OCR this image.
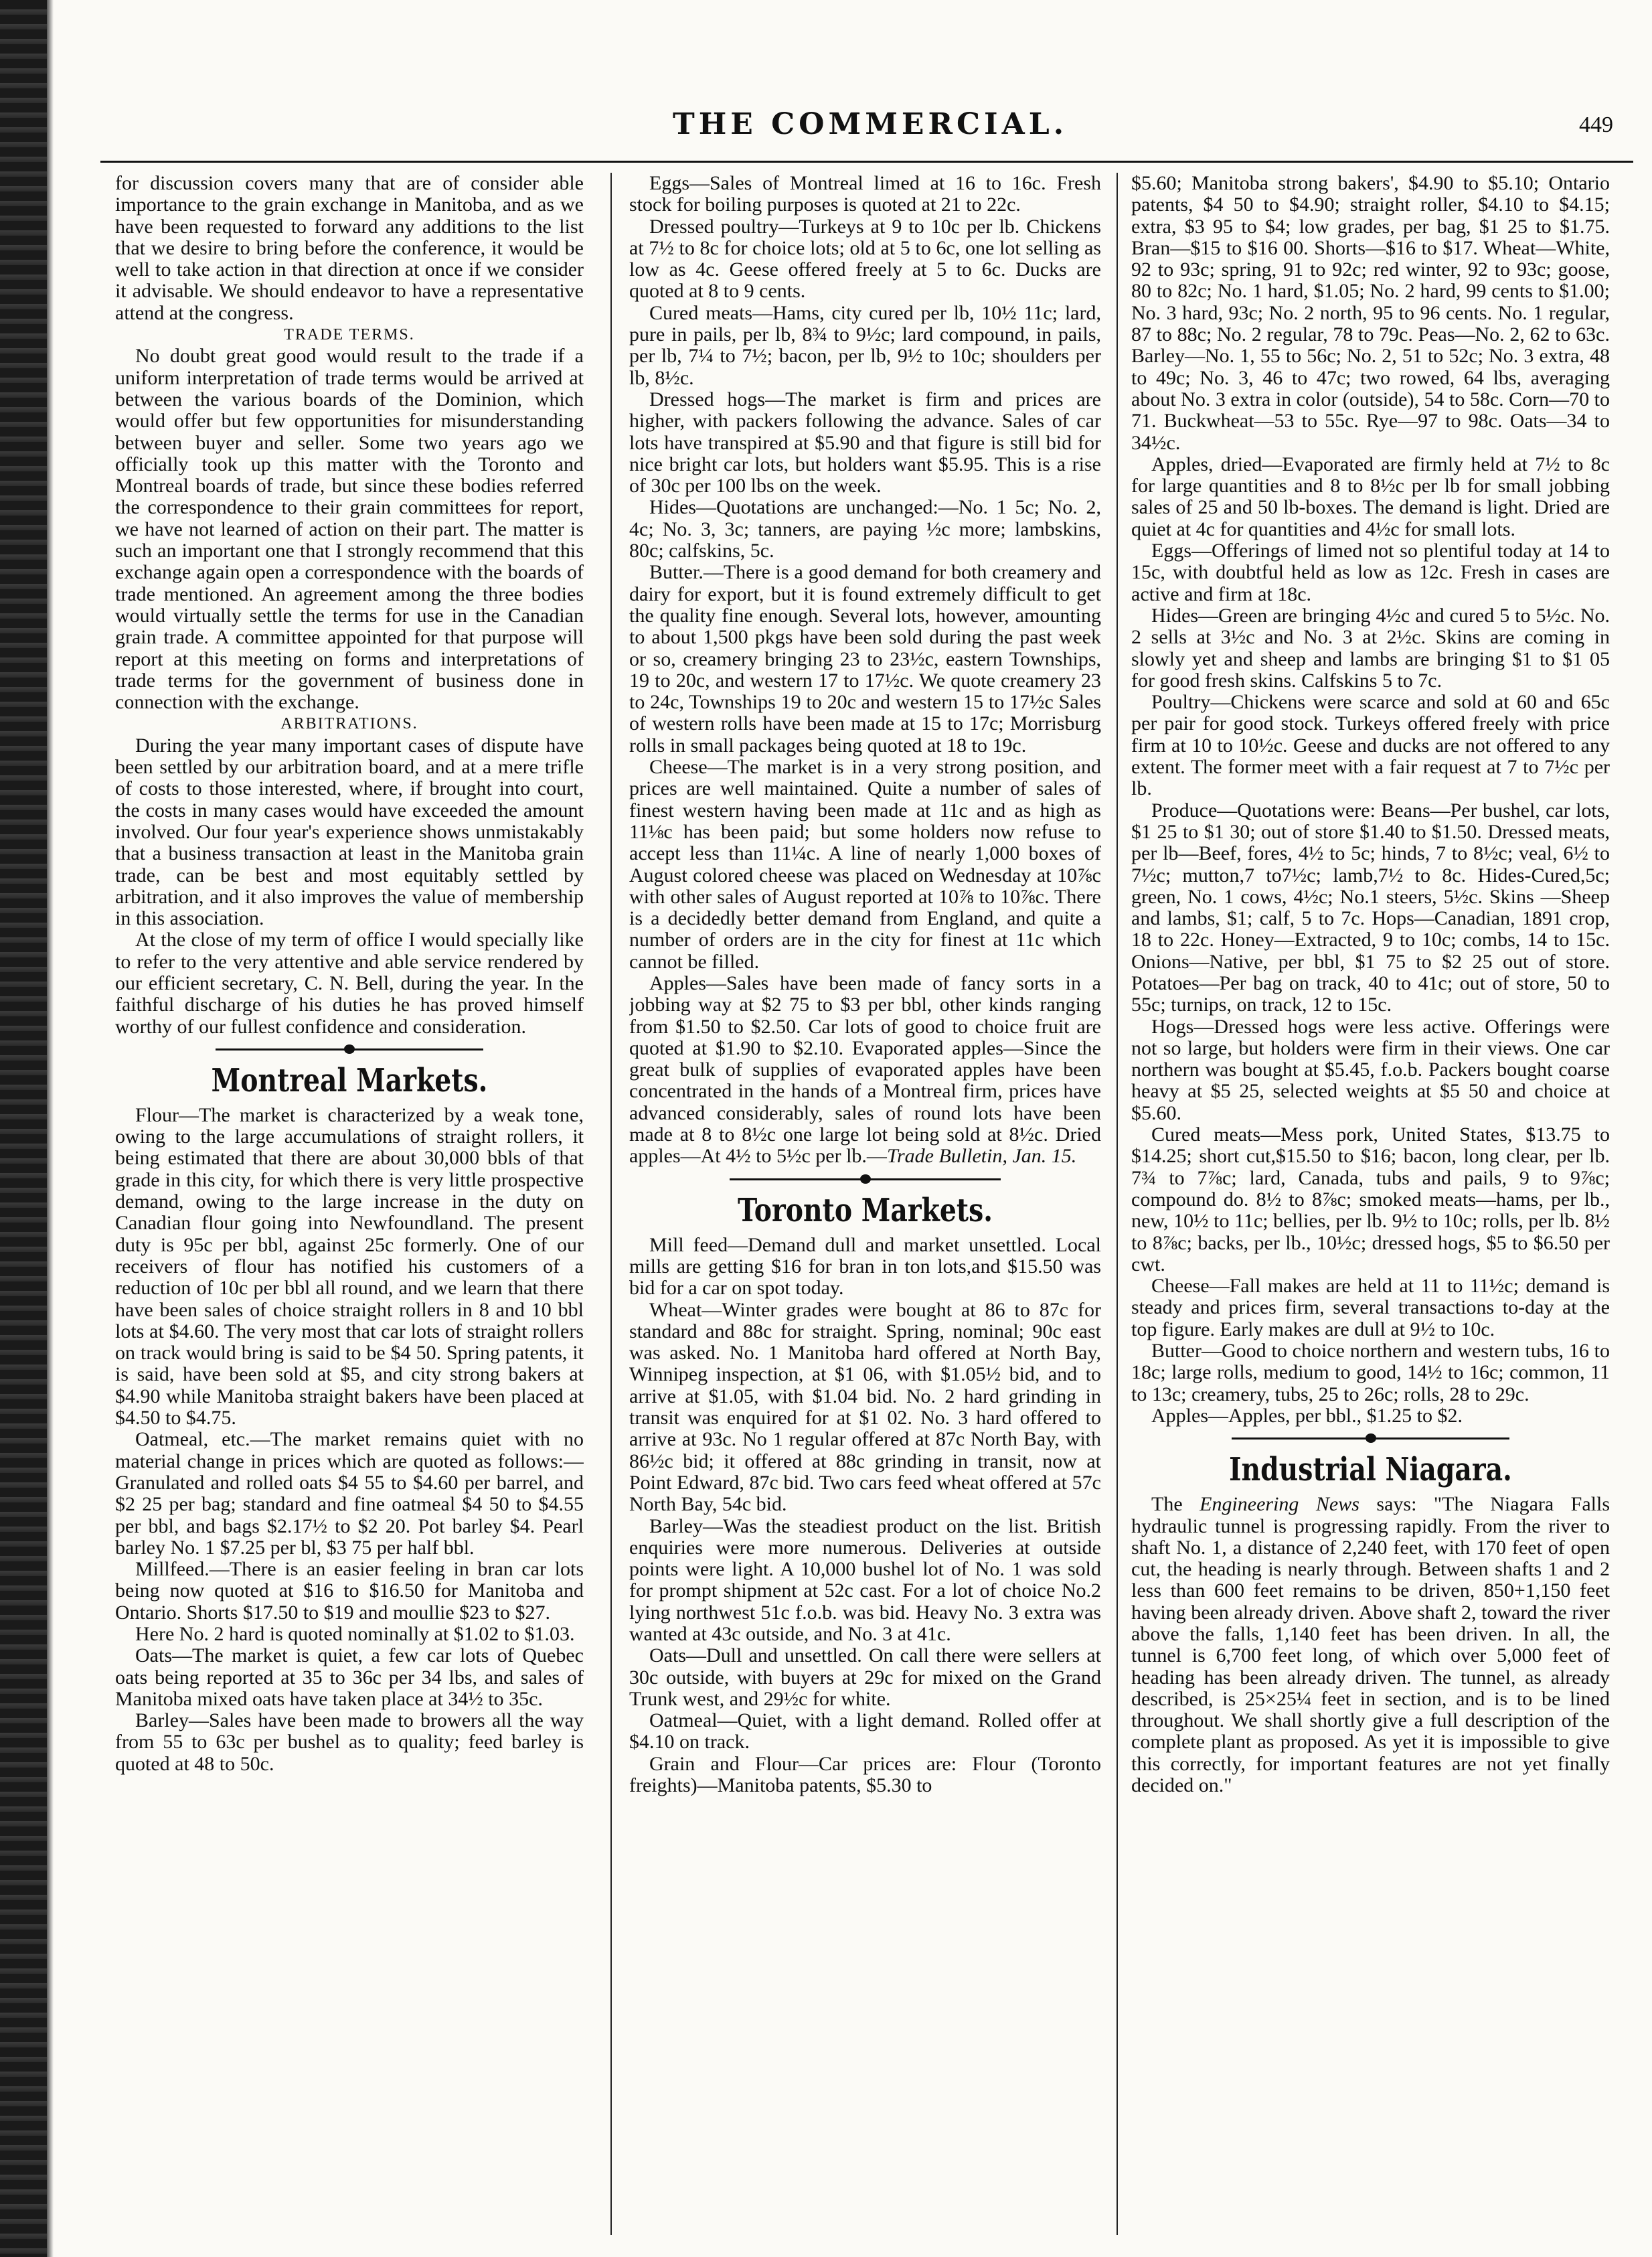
THE COMMERCIAL.	449

for discussion covers many that are of consider able importance to the grain exchange in Manitoba, and as we have been requested to forward any additions to the list that we desire to bring before the conference, it would be well to take action in that direction at once if we consider it advisable. We should endeavor to have a representative attend at the congress.

TRADE TERMS.

No doubt great good would result to the trade if a uniform interpretation of trade terms would be arrived at between the various boards of the Dominion, which would offer but few opportunities for misunderstanding between buyer and seller. Some two years ago we officially took up this matter with the Toronto and Montreal boards of trade, but since these bodies referred the correspondence to their grain committees for report, we have not learned of action on their part. The matter is such an important one that I strongly recommend that this exchange again open a correspondence with the boards of trade mentioned. An agreement among the three bodies would virtually settle the terms for use in the Canadian grain trade. A committee appointed for that purpose will report at this meeting on forms and interpretations of trade terms for the government of business done in connection with the exchange.

ARBITRATIONS.

During the year many important cases of dispute have been settled by our arbitration board, and at a mere trifle of costs to those interested, where, if brought into court, the costs in many cases would have exceeded the amount involved. Our four year's experience shows unmistakably that a business transaction at least in the Manitoba grain trade, can be best and most equitably settled by arbitration, and it also improves the value of membership in this association.

At the close of my term of office I would specially like to refer to the very attentive and able service rendered by our efficient secretary, C. N. Bell, during the year. In the faithful discharge of his duties he has proved himself worthy of our fullest confidence and consideration.

Montreal Markets.

Flour—The market is characterized by a weak tone, owing to the large accumulations of straight rollers, it being estimated that there are about 30,000 bbls of that grade in this city, for which there is very little prospective demand, owing to the large increase in the duty on Canadian flour going into Newfoundland. The present duty is 95c per bbl, against 25c formerly. One of our receivers of flour has notified his customers of a reduction of 10c per bbl all round, and we learn that there have been sales of choice straight rollers in 8 and 10 bbl lots at $4.60. The very most that car lots of straight rollers on track would bring is said to be $4 50. Spring patents, it is said, have been sold at $5, and city strong bakers at $4.90 while Manitoba straight bakers have been placed at $4.50 to $4.75.

Oatmeal, etc.—The market remains quiet with no material change in prices which are quoted as follows:—Granulated and rolled oats $4 55 to $4.60 per barrel, and $2 25 per bag; standard and fine oatmeal $4 50 to $4.55 per bbl, and bags $2.17½ to $2 20. Pot barley $4. Pearl barley No. 1 $7.25 per bl, $3 75 per half bbl.

Millfeed.—There is an easier feeling in bran car lots being now quoted at $16 to $16.50 for Manitoba and Ontario. Shorts $17.50 to $19 and moullie $23 to $27.

Here No. 2 hard is quoted nominally at $1.02 to $1.03.

Oats—The market is quiet, a few car lots of Quebec oats being reported at 35 to 36c per 34 lbs, and sales of Manitoba mixed oats have taken place at 34½ to 35c.

Barley—Sales have been made to browers all the way from 55 to 63c per bushel as to quality; feed barley is quoted at 48 to 50c.

Eggs—Sales of Montreal limed at 16 to 16c. Fresh stock for boiling purposes is quoted at 21 to 22c.

Dressed poultry—Turkeys at 9 to 10c per lb. Chickens at 7½ to 8c for choice lots; old at 5 to 6c, one lot selling as low as 4c. Geese offered freely at 5 to 6c. Ducks are quoted at 8 to 9 cents.

Cured meats—Hams, city cured per lb, 10½ 11c; lard, pure in pails, per lb, 8¾ to 9½c; lard compound, in pails, per lb, 7¼ to 7½; bacon, per lb, 9½ to 10c; shoulders per lb, 8½c.

Dressed hogs—The market is firm and prices are higher, with packers following the advance. Sales of car lots have transpired at $5.90 and that figure is still bid for nice bright car lots, but holders want $5.95. This is a rise of 30c per 100 lbs on the week.

Hides—Quotations are unchanged:—No. 1 5c; No. 2, 4c; No. 3, 3c; tanners, are paying ½c more; lambskins, 80c; calfskins, 5c.

Butter.—There is a good demand for both creamery and dairy for export, but it is found extremely difficult to get the quality fine enough. Several lots, however, amounting to about 1,500 pkgs have been sold during the past week or so, creamery bringing 23 to 23½c, eastern Townships, 19 to 20c, and western 17 to 17½c. We quote creamery 23 to 24c, Townships 19 to 20c and western 15 to 17½c Sales of western rolls have been made at 15 to 17c; Morrisburg rolls in small packages being quoted at 18 to 19c.

Cheese—The market is in a very strong position, and prices are well maintained. Quite a number of sales of finest western having been made at 11c and as high as 11⅛c has been paid; but some holders now refuse to accept less than 11¼c. A line of nearly 1,000 boxes of August colored cheese was placed on Wednesday at 10⅞c with other sales of August reported at 10⅞ to 10⅞c. There is a decidedly better demand from England, and quite a number of orders are in the city for finest at 11c which cannot be filled.

Apples—Sales have been made of fancy sorts in a jobbing way at $2 75 to $3 per bbl, other kinds ranging from $1.50 to $2.50. Car lots of good to choice fruit are quoted at $1.90 to $2.10. Evaporated apples—Since the great bulk of supplies of evaporated apples have been concentrated in the hands of a Montreal firm, prices have advanced considerably, sales of round lots have been made at 8 to 8½c one large lot being sold at 8½c. Dried apples—At 4½ to 5½c per lb.—Trade Bulletin, Jan. 15.

Toronto Markets.

Mill feed—Demand dull and market unsettled. Local mills are getting $16 for bran in ton lots,and $15.50 was bid for a car on spot today.

Wheat—Winter grades were bought at 86 to 87c for standard and 88c for straight. Spring, nominal; 90c east was asked. No. 1 Manitoba hard offered at North Bay, Winnipeg inspection, at $1 06, with $1.05½ bid, and to arrive at $1.05, with $1.04 bid. No. 2 hard grinding in transit was enquired for at $1 02. No. 3 hard offered to arrive at 93c. No 1 regular offered at 87c North Bay, with 86½c bid; it offered at 88c grinding in transit, now at Point Edward, 87c bid. Two cars feed wheat offered at 57c North Bay, 54c bid.

Barley—Was the steadiest product on the list. British enquiries were more numerous. Deliveries at outside points were light. A 10,000 bushel lot of No. 1 was sold for prompt shipment at 52c cast. For a lot of choice No.2 lying northwest 51c f.o.b. was bid. Heavy No. 3 extra was wanted at 43c outside, and No. 3 at 41c.

Oats—Dull and unsettled. On call there were sellers at 30c outside, with buyers at 29c for mixed on the Grand Trunk west, and 29½c for white.

Oatmeal—Quiet, with a light demand. Rolled offer at $4.10 on track.

Grain and Flour—Car prices are: Flour (Toronto freights)—Manitoba patents, $5.30 to

$5.60; Manitoba strong bakers', $4.90 to $5.10; Ontario patents, $4 50 to $4.90; straight roller, $4.10 to $4.15; extra, $3 95 to $4; low grades, per bag, $1 25 to $1.75. Bran—$15 to $16 00. Shorts—$16 to $17. Wheat—White, 92 to 93c; spring, 91 to 92c; red winter, 92 to 93c; goose, 80 to 82c; No. 1 hard, $1.05; No. 2 hard, 99 cents to $1.00; No. 3 hard, 93c; No. 2 north, 95 to 96 cents. No. 1 regular, 87 to 88c; No. 2 regular, 78 to 79c. Peas—No. 2, 62 to 63c. Barley—No. 1, 55 to 56c; No. 2, 51 to 52c; No. 3 extra, 48 to 49c; No. 3, 46 to 47c; two rowed, 64 lbs, averaging about No. 3 extra in color (outside), 54 to 58c. Corn—70 to 71. Buckwheat—53 to 55c. Rye—97 to 98c. Oats—34 to 34½c.

Apples, dried—Evaporated are firmly held at 7½ to 8c for large quantities and 8 to 8½c per lb for small jobbing sales of 25 and 50 lb-boxes. The demand is light. Dried are quiet at 4c for quantities and 4½c for small lots.

Eggs—Offerings of limed not so plentiful today at 14 to 15c, with doubtful held as low as 12c. Fresh in cases are active and firm at 18c.

Hides—Green are bringing 4½c and cured 5 to 5½c. No. 2 sells at 3½c and No. 3 at 2½c. Skins are coming in slowly yet and sheep and lambs are bringing $1 to $1 05 for good fresh skins. Calfskins 5 to 7c.

Poultry—Chickens were scarce and sold at 60 and 65c per pair for good stock. Turkeys offered freely with price firm at 10 to 10½c. Geese and ducks are not offered to any extent. The former meet with a fair request at 7 to 7½c per lb.

Produce—Quotations were: Beans—Per bushel, car lots, $1 25 to $1 30; out of store $1.40 to $1.50. Dressed meats, per lb—Beef, fores, 4½ to 5c; hinds, 7 to 8½c; veal, 6½ to 7½c; mutton,7 to7½c; lamb,7½ to 8c. Hides-Cured,5c; green, No. 1 cows, 4½c; No.1 steers, 5½c. Skins —Sheep and lambs, $1; calf, 5 to 7c. Hops—Canadian, 1891 crop, 18 to 22c. Honey—Extracted, 9 to 10c; combs, 14 to 15c. Onions—Native, per bbl, $1 75 to $2 25 out of store. Potatoes—Per bag on track, 40 to 41c; out of store, 50 to 55c; turnips, on track, 12 to 15c.

Hogs—Dressed hogs were less active. Offerings were not so large, but holders were firm in their views. One car northern was bought at $5.45, f.o.b. Packers bought coarse heavy at $5 25, selected weights at $5 50 and choice at $5.60.

Cured meats—Mess pork, United States, $13.75 to $14.25; short cut,$15.50 to $16; bacon, long clear, per lb. 7¾ to 7⅞c; lard, Canada, tubs and pails, 9 to 9⅞c; compound do. 8½ to 8⅞c; smoked meats—hams, per lb., new, 10½ to 11c; bellies, per lb. 9½ to 10c; rolls, per lb. 8½ to 8⅞c; backs, per lb., 10½c; dressed hogs, $5 to $6.50 per cwt.

Cheese—Fall makes are held at 11 to 11½c; demand is steady and prices firm, several transactions to-day at the top figure. Early makes are dull at 9½ to 10c.

Butter—Good to choice northern and western tubs, 16 to 18c; large rolls, medium to good, 14½ to 16c; common, 11 to 13c; creamery, tubs, 25 to 26c; rolls, 28 to 29c.

Apples—Apples, per bbl., $1.25 to $2.

Industrial Niagara.

The Engineering News says: "The Niagara Falls hydraulic tunnel is progressing rapidly. From the river to shaft No. 1, a distance of 2,240 feet, with 170 feet of open cut, the heading is nearly through. Between shafts 1 and 2 less than 600 feet remains to be driven, 850+1,150 feet having been already driven. Above shaft 2, toward the river above the falls, 1,140 feet has been driven. In all, the tunnel is 6,700 feet long, of which over 5,000 feet of heading has been already driven. The tunnel, as already described, is 25×25¼ feet in section, and is to be lined throughout. We shall shortly give a full description of the complete plant as proposed. As yet it is impossible to give this correctly, for important features are not yet finally decided on."
